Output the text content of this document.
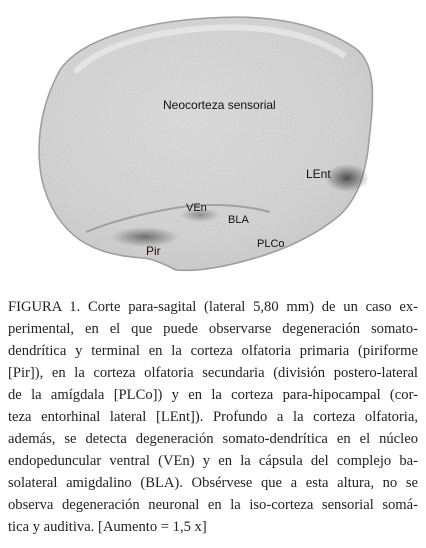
Neocorteza sensorial
LEnt
VEn
BLA
PLCo
Pir
FIGURA 1. Corte para-sagital (lateral 5,80 mm) de un caso ex-
perimental, en el que puede observarse degeneración somato-
dendrítica y terminal en la corteza olfatoria primaria (piriforme
[Pir]), en la corteza olfatoria secundaria (división postero-lateral
de la amígdala [PLCo]) y en la corteza para-hipocampal (cor-
teza entorhinal lateral [LEnt]). Profundo a la corteza olfatoria,
además, se detecta degeneración somato-dendrítica en el núcleo
endopeduncular ventral (VEn) y en la cápsula del complejo ba-
solateral amigdalino (BLA). Obsérvese que a esta altura, no se
observa degeneración neuronal en la iso-corteza sensorial somá-
tica y auditiva. [Aumento = 1,5 x]
